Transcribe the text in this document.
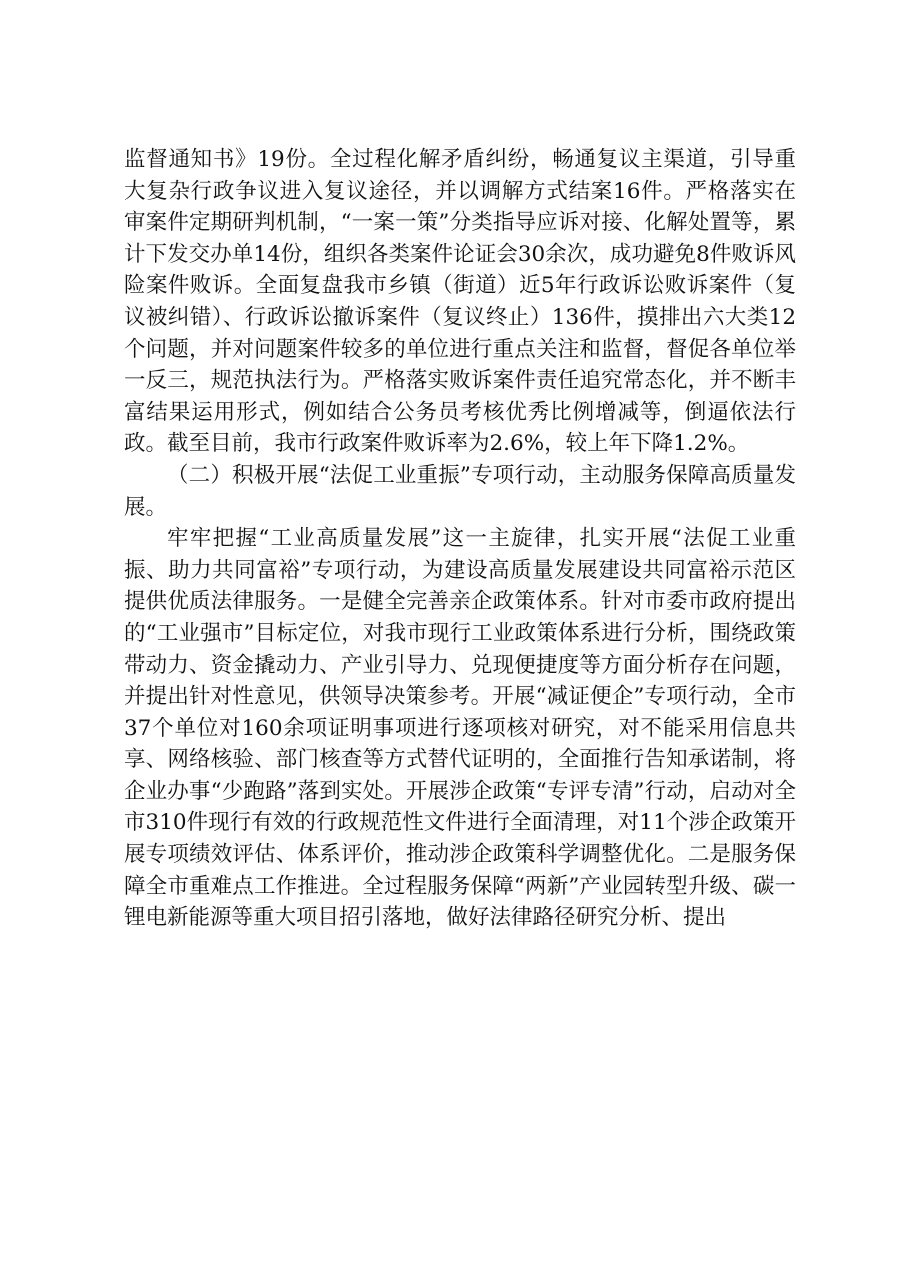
监督通知书》19份。全过程化解矛盾纠纷，畅通复议主渠道，引导重大复杂行政争议进入复议途径，并以调解方式结案16件。严格落实在审案件定期研判机制，“一案一策”分类指导应诉对接、化解处置等，累计下发交办单14份，组织各类案件论证会30余次，成功避免8件败诉风险案件败诉。全面复盘我市乡镇（街道）近5年行政诉讼败诉案件（复议被纠错）、行政诉讼撤诉案件（复议终止）136件，摸排出六大类12个问题，并对问题案件较多的单位进行重点关注和监督，督促各单位举一反三，规范执法行为。严格落实败诉案件责任追究常态化，并不断丰富结果运用形式，例如结合公务员考核优秀比例增减等，倒逼依法行政。截至目前，我市行政案件败诉率为2.6%，较上年下降1.2%。

（二）积极开展“法促工业重振”专项行动，主动服务保障高质量发展。

牢牢把握“工业高质量发展”这一主旋律，扎实开展“法促工业重振、助力共同富裕”专项行动，为建设高质量发展建设共同富裕示范区提供优质法律服务。一是健全完善亲企政策体系。针对市委市政府提出的“工业强市”目标定位，对我市现行工业政策体系进行分析，围绕政策带动力、资金撬动力、产业引导力、兑现便捷度等方面分析存在问题，并提出针对性意见，供领导决策参考。开展“减证便企”专项行动，全市37个单位对160余项证明事项进行逐项核对研究，对不能采用信息共享、网络核验、部门核查等方式替代证明的，全面推行告知承诺制，将企业办事“少跑路”落到实处。开展涉企政策“专评专清”行动，启动对全市310件现行有效的行政规范性文件进行全面清理，对11个涉企政策开展专项绩效评估、体系评价，推动涉企政策科学调整优化。二是服务保障全市重难点工作推进。全过程服务保障“两新”产业园转型升级、碳一锂电新能源等重大项目招引落地，做好法律路径研究分析、提出
